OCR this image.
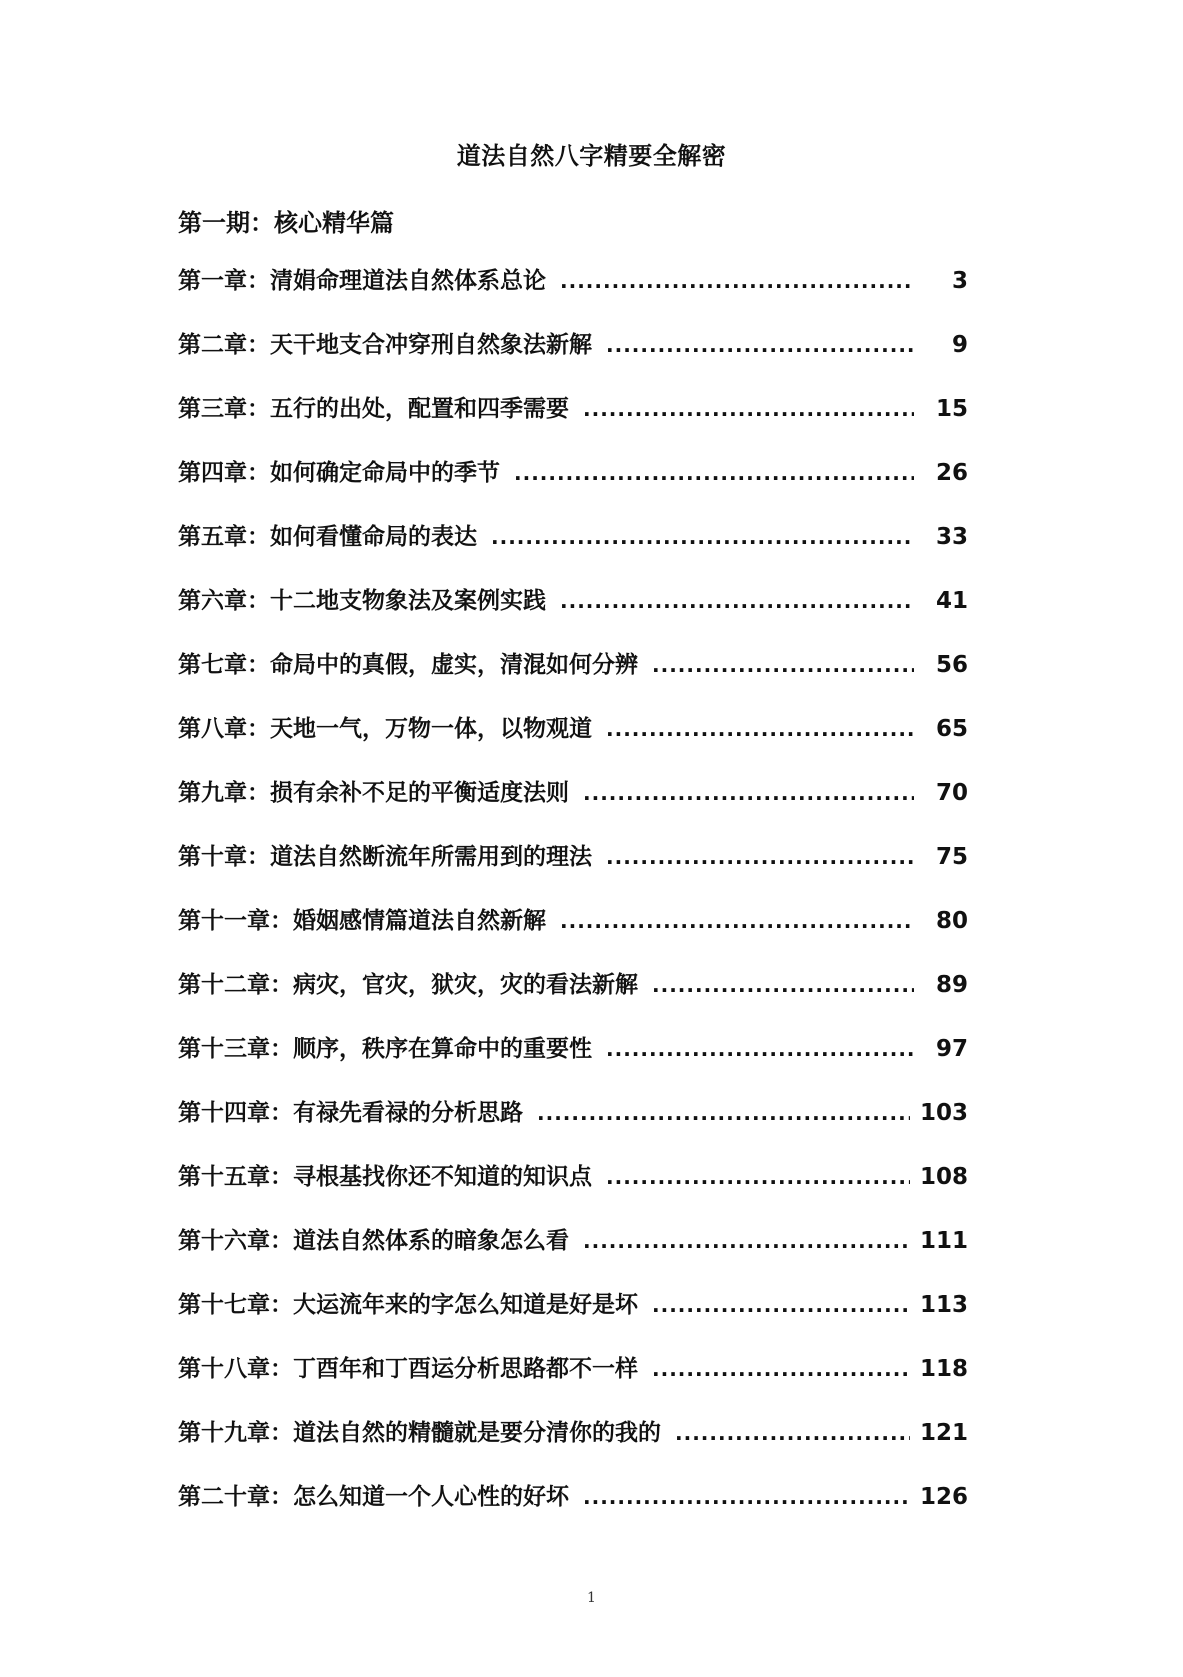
道法自然八字精要全解密
第一期：核心精华篇
第一章：清娟命理道法自然体系总论 .....	3
第二章：天干地支合冲穿刑自然象法新解 .....	9
第三章：五行的出处，配置和四季需要 .....	15
第四章：如何确定命局中的季节 .....	26
第五章：如何看懂命局的表达 .....	33
第六章：十二地支物象法及案例实践 .....	41
第七章：命局中的真假，虚实，清混如何分辨 .....	56
第八章：天地一气，万物一体，以物观道 .....	65
第九章：损有余补不足的平衡适度法则 .....	70
第十章：道法自然断流年所需用到的理法 .....	75
第十一章：婚姻感情篇道法自然新解 .....	80
第十二章：病灾，官灾，狱灾，灾的看法新解 .....	89
第十三章：顺序，秩序在算命中的重要性 .....	97
第十四章：有禄先看禄的分析思路 .....	103
第十五章：寻根基找你还不知道的知识点 .....	108
第十六章：道法自然体系的暗象怎么看 .....	111
第十七章：大运流年来的字怎么知道是好是坏 .....	113
第十八章：丁酉年和丁酉运分析思路都不一样 .....	118
第十九章：道法自然的精髓就是要分清你的我的 .....	121
第二十章：怎么知道一个人心性的好坏 .....	126
1
